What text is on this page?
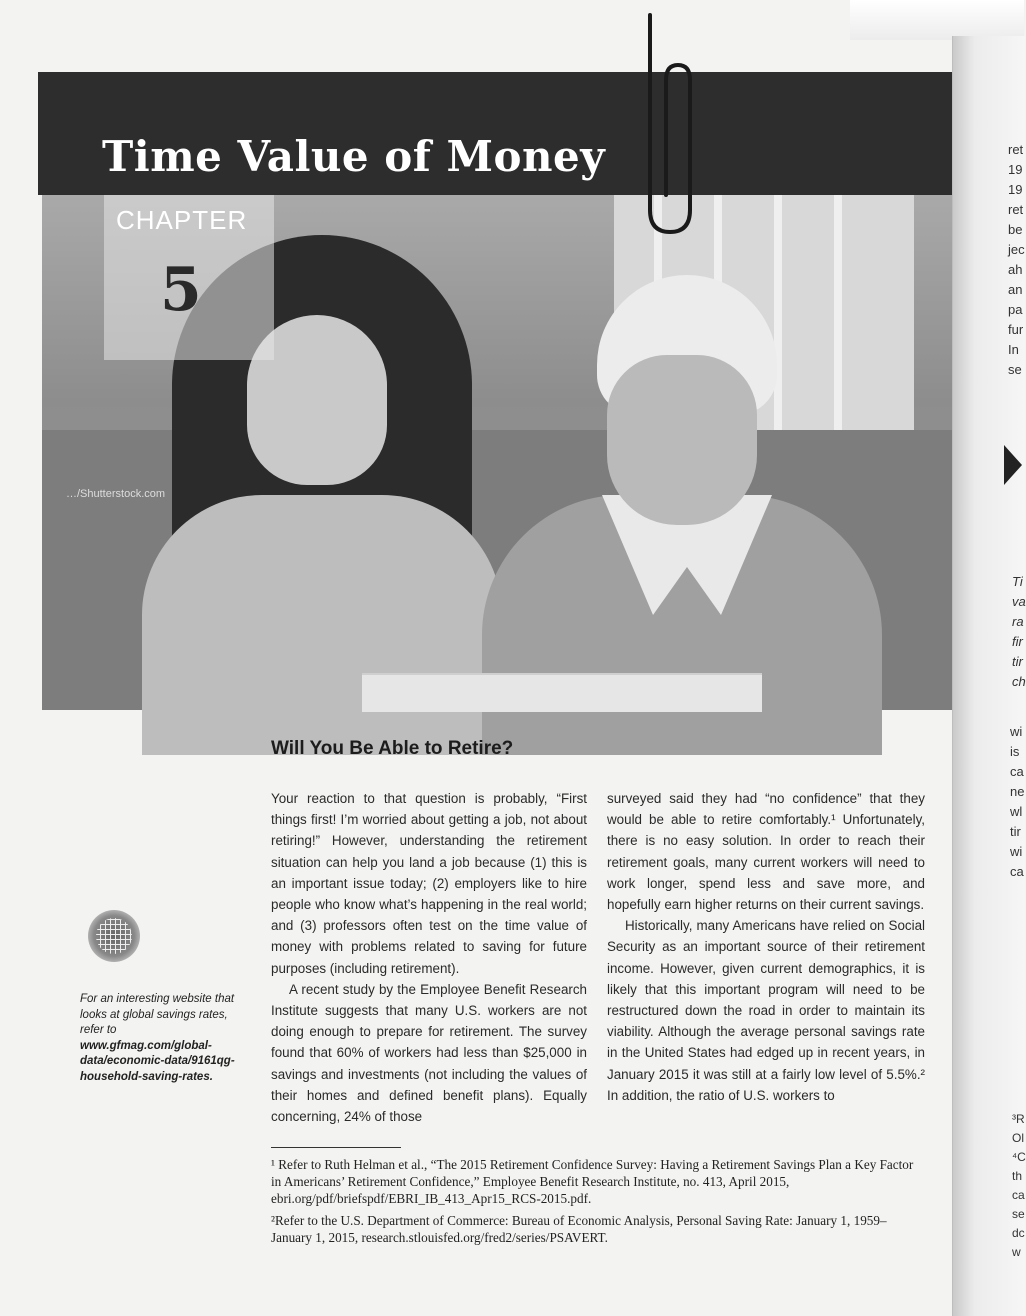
…/Shutterstock.com
Time Value of Money
CHAPTER
5
ret
19
19
ret
be
jec
ah
an
pa
fur
In
se
Ti
va
ra
fir
tir
ch
wi
is
ca
ne
wl
tir
wi
ca
³R
Ol
⁴C
th
ca
se
dc
w
Will You Be Able to Retire?

Your reaction to that question is probably, “First things first! I’m worried about getting a job, not about retiring!” However, understanding the retirement situation can help you land a job because (1) this is an important issue today; (2) employers like to hire people who know what’s happening in the real world; and (3) professors often test on the time value of money with problems related to saving for future purposes (including retirement).

A recent study by the Employee Benefit Research Institute suggests that many U.S. workers are not doing enough to prepare for retirement. The survey found that 60% of workers had less than $25,000 in savings and investments (not including the values of their homes and defined benefit plans). Equally concerning, 24% of those

surveyed said they had “no confidence” that they would be able to retire comfortably.¹ Unfortunately, there is no easy solution. In order to reach their retirement goals, many current workers will need to work longer, spend less and save more, and hopefully earn higher returns on their current savings.

Historically, many Americans have relied on Social Security as an important source of their retirement income. However, given current demographics, it is likely that this important program will need to be restructured down the road in order to maintain its viability. Although the average personal savings rate in the United States had edged up in recent years, in January 2015 it was still at a fairly low level of 5.5%.² In addition, the ratio of U.S. workers to

For an interesting website that looks at global savings rates, refer to www.gfmag.com/global-data/economic-data/9161qg-household-saving-rates.

¹ Refer to Ruth Helman et al., “The 2015 Retirement Confidence Survey: Having a Retirement Savings Plan a Key Factor in Americans’ Retirement Confidence,” Employee Benefit Research Institute, no. 413, April 2015, ebri.org/pdf/briefspdf/EBRI_IB_413_Apr15_RCS-2015.pdf.

²Refer to the U.S. Department of Commerce: Bureau of Economic Analysis, Personal Saving Rate: January 1, 1959–January 1, 2015, research.stlouisfed.org/fred2/series/PSAVERT.
